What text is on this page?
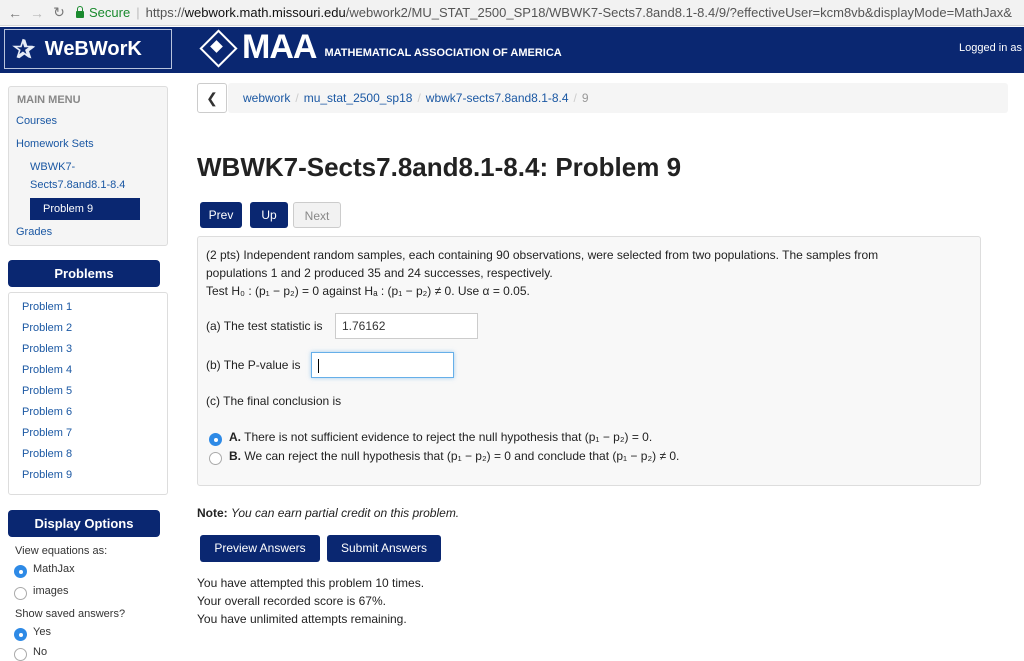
← → ↻ Secure | https://webwork.math.missouri.edu/webwork2/MU_STAT_2500_SP18/WBWK7-Sects7.8and8.1-8.4/9/?effectiveUser=kcm8vb&displayMode=MathJax&
✰ WeBWorK	MAA MATHEMATICAL ASSOCIATION OF AMERICA	Logged in as
MAIN MENU
Courses
Homework Sets
WBWK7-
Sects7.8and8.1-8.4
Problem 9
Grades
Problems
Problem 1
Problem 2
Problem 3
Problem 4
Problem 5
Problem 6
Problem 7
Problem 8
Problem 9
Display Options
View equations as:
MathJax
images
Show saved answers?
Yes
No
❮	webwork / mu_stat_2500_sp18 / wbwk7-sects7.8and8.1-8.4 / 9
WBWK7-Sects7.8and8.1-8.4: Problem 9
Prev	Up	Next
(2 pts) Independent random samples, each containing 90 observations, were selected from two populations. The samples from
populations 1 and 2 produced 35 and 24 successes, respectively.
Test H₀ : (p₁ − p₂) = 0 against Hₐ : (p₁ − p₂) ≠ 0. Use α = 0.05.
(a) The test statistic is	1.76162
(b) The P-value is
(c) The final conclusion is
A. There is not sufficient evidence to reject the null hypothesis that (p₁ − p₂) = 0.
B. We can reject the null hypothesis that (p₁ − p₂) = 0 and conclude that (p₁ − p₂) ≠ 0.
Note: You can earn partial credit on this problem.
Preview Answers	Submit Answers
You have attempted this problem 10 times.
Your overall recorded score is 67%.
You have unlimited attempts remaining.
